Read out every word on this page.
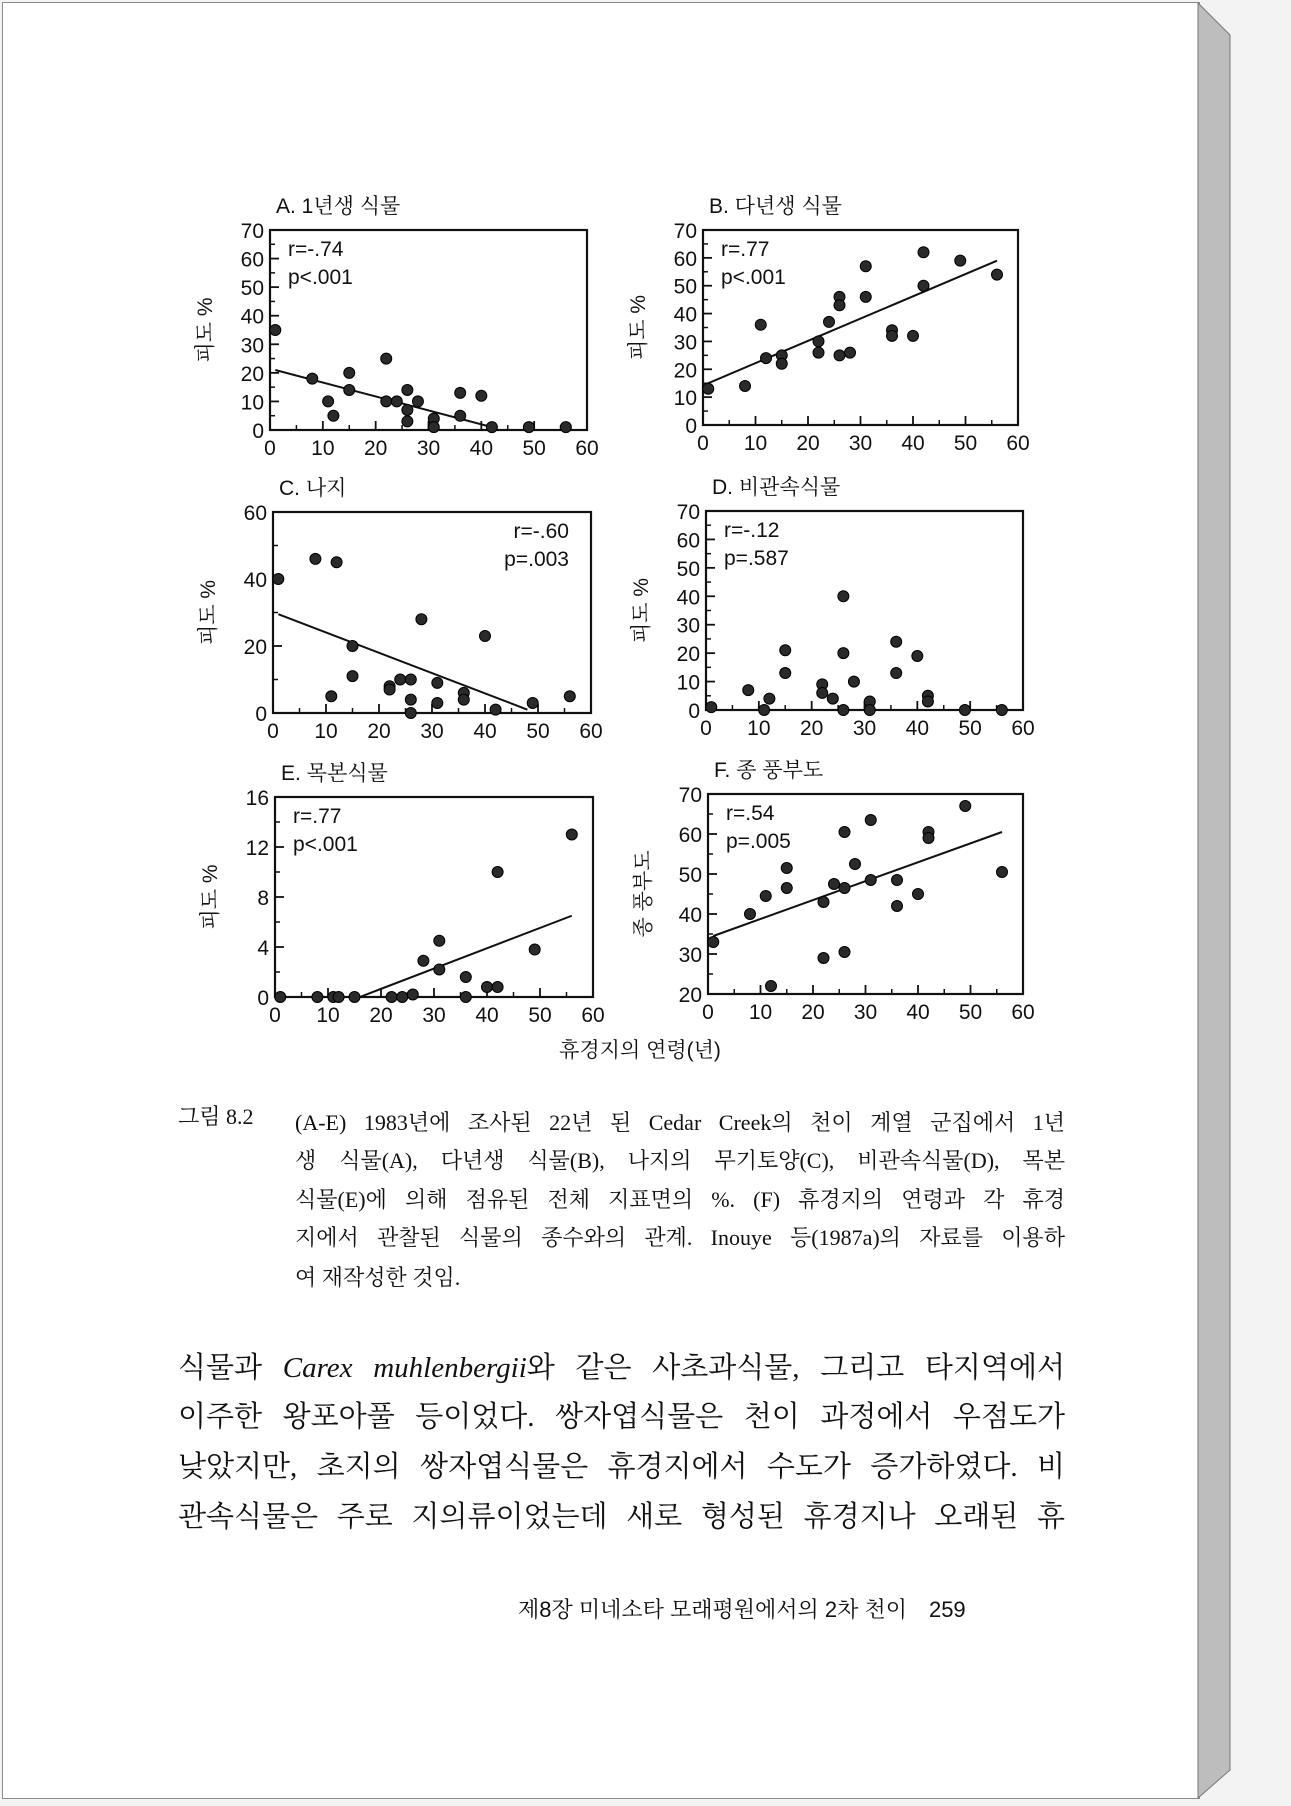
A. 1년생 식물
0 10 20 30 40 50 60
0
10
20
30
40
50
60
70
피도 %
r=-.74
p<.001
B. 다년생 식물
0 10 20 30 40 50 60
0
10
20
30
40
50
60
70
피도 %
r=.77
p<.001
C. 나지
0 10 20 30 40 50 60
0
20
40
60
피도 %
r=-.60
p=.003
D. 비관속식물
0 10 20 30 40 50 60
0
10
20
30
40
50
60
70
피도 %
r=-.12
p=.587
E. 목본식물
0 10 20 30 40 50 60
0
4
8
12
16
피도 %
r=.77
p<.001
F. 종 풍부도
0 10 20 30 40 50 60
20
30
40
50
60
70
종 풍부도
r=.54
p=.005
휴경지의 연령(년)
그림 8.2 (A-E) 1983년에 조사된 22년 된 Cedar Creek의 천이 계열 군집에서 1년
생 식물(A), 다년생 식물(B), 나지의 무기토양(C), 비관속식물(D), 목본
식물(E)에 의해 점유된 전체 지표면의 %. (F) 휴경지의 연령과 각 휴경
지에서 관찰된 식물의 종수와의 관계. Inouye 등(1987a)의 자료를 이용하
여 재작성한 것임.
식물과 Carex muhlenbergii와 같은 사초과식물, 그리고 타지역에서
이주한 왕포아풀 등이었다. 쌍자엽식물은 천이 과정에서 우점도가
낮았지만, 초지의 쌍자엽식물은 휴경지에서 수도가 증가하였다. 비
관속식물은 주로 지의류이었는데 새로 형성된 휴경지나 오래된 휴
제8장 미네소타 모래평원에서의 2차 천이 259
